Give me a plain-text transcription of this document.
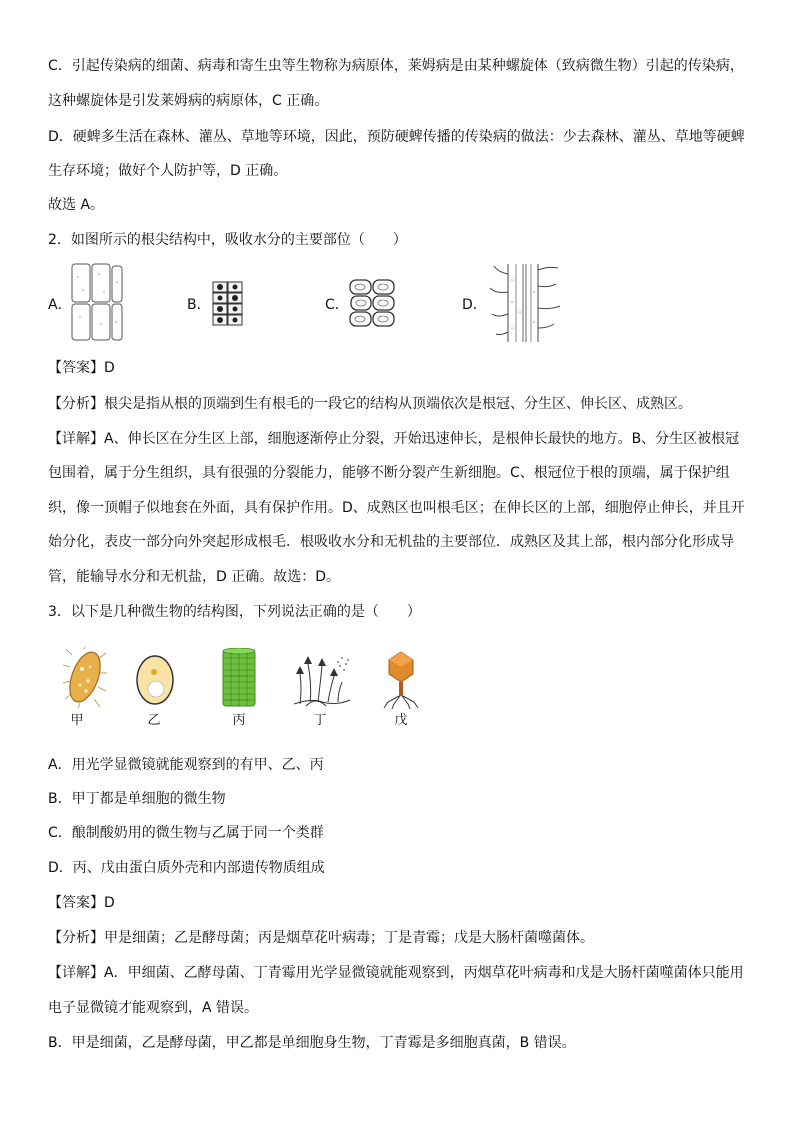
C．引起传染病的细菌、病毒和寄生虫等生物称为病原体，莱姆病是由某种螺旋体（致病微生物）引起的传染病，
这种螺旋体是引发莱姆病的病原体，C 正确。
D．硬蜱多生活在森林、灌丛、草地等环境，因此，预防硬蜱传播的传染病的做法：少去森林、灌丛、草地等硬蜱
生存环境；做好个人防护等，D 正确。
故选 A。
2．如图所示的根尖结构中，吸收水分的主要部位（　　）
A．	B．	C．	D．
【答案】D
【分析】根尖是指从根的顶端到生有根毛的一段它的结构从顶端依次是根冠、分生区、伸长区、成熟区。
【详解】A、伸长区在分生区上部，细胞逐渐停止分裂，开始迅速伸长，是根伸长最快的地方。B、分生区被根冠
包围着，属于分生组织，具有很强的分裂能力，能够不断分裂产生新细胞。C、根冠位于根的顶端，属于保护组
织，像一顶帽子似地套在外面，具有保护作用。D、成熟区也叫根毛区；在伸长区的上部，细胞停止伸长，并且开
始分化，表皮一部分向外突起形成根毛．根吸收水分和无机盐的主要部位．成熟区及其上部，根内部分化形成导
管，能输导水分和无机盐，D 正确。故选：D。
3．以下是几种微生物的结构图，下列说法正确的是（　　）
甲	乙	丙	丁	戊
A．用光学显微镜就能观察到的有甲、乙、丙
B．甲丁都是单细胞的微生物
C．酿制酸奶用的微生物与乙属于同一个类群
D．丙、戊由蛋白质外壳和内部遗传物质组成
【答案】D
【分析】甲是细菌；乙是酵母菌；丙是烟草花叶病毒；丁是青霉；戊是大肠杆菌噬菌体。
【详解】A．甲细菌、乙酵母菌、丁青霉用光学显微镜就能观察到，丙烟草花叶病毒和戊是大肠杆菌噬菌体只能用
电子显微镜才能观察到，A 错误。
B．甲是细菌，乙是酵母菌，甲乙都是单细胞身生物，丁青霉是多细胞真菌，B 错误。
